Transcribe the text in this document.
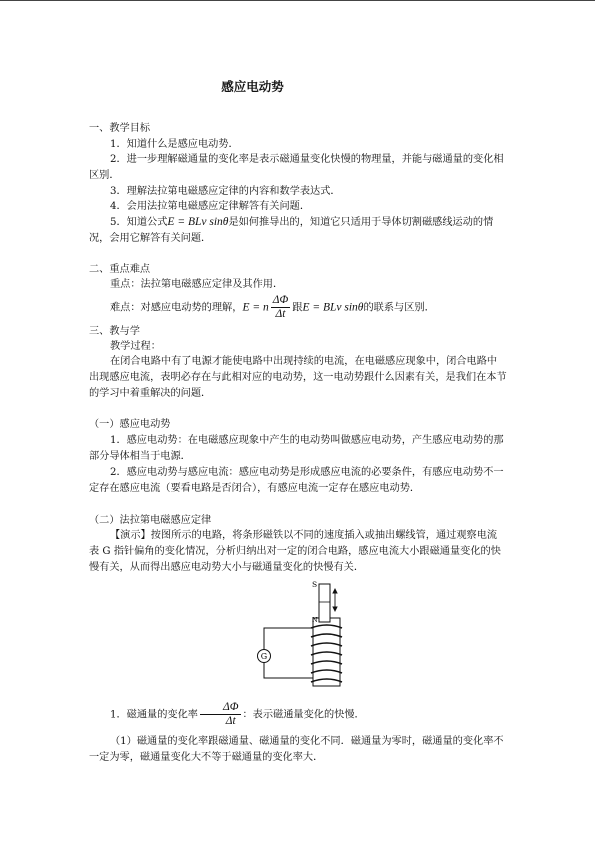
感应电动势
一、教学目标
1．知道什么是感应电动势．
2．进一步理解磁通量的变化率是表示磁通量变化快慢的物理量，并能与磁通量的变化相区别．
3．理解法拉第电磁感应定律的内容和数学表达式．
4．会用法拉第电磁感应定律解答有关问题．
5．知道公式E = BLv sinθ是如何推导出的，知道它只适用于导体切割磁感线运动的情况，会用它解答有关问题．
二、重点难点
重点：法拉第电磁感应定律及其作用．
难点：对感应电动势的理解，E = n $\frac{\Delta\Phi}{\Delta t}$ 跟E = BLv sinθ的联系与区别．
三、教与学
教学过程：
在闭合电路中有了电源才能使电路中出现持续的电流，在电磁感应现象中，闭合电路中出现感应电流，表明必存在与此相对应的电动势，这一电动势跟什么因素有关，是我们在本节的学习中着重解决的问题．
（一）感应电动势
1．感应电动势：在电磁感应现象中产生的电动势叫做感应电动势，产生感应电动势的那部分导体相当于电源．
2．感应电动势与感应电流：感应电动势是形成感应电流的必要条件，有感应电动势不一定存在感应电流（要看电路是否闭合），有感应电流一定存在感应电动势．
（二）法拉第电磁感应定律
【演示】按图所示的电路，将条形磁铁以不同的速度插入或抽出螺线管，通过观察电流表 G 指针偏角的变化情况，分析归纳出对一定的闭合电路，感应电流大小跟磁通量变化的快慢有关，从而得出感应电动势大小与磁通量变化的快慢有关．
G
S
N
1．磁通量的变化率 $\frac{\Delta\Phi}{\Delta t}$ ：表示磁通量变化的快慢．
（1）磁通量的变化率跟磁通量、磁通量的变化不同．磁通量为零时，磁通量的变化率不一定为零，磁通量变化大不等于磁通量的变化率大．
